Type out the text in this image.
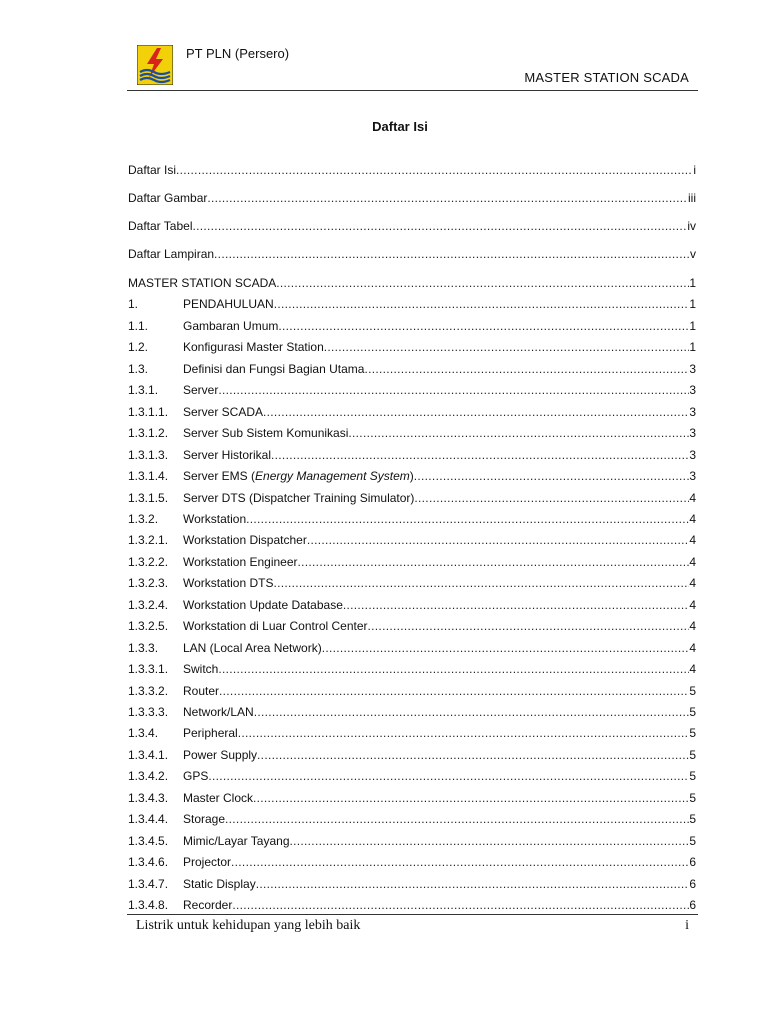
PT PLN (Persero)
MASTER STATION SCADA
Daftar Isi
Daftar Isi .....	i
Daftar Gambar .....	iii
Daftar Tabel .....	iv
Daftar Lampiran .....	v
MASTER STATION SCADA .....	1
1.	PENDAHULUAN .....	1
1.1.	Gambaran Umum .....	1
1.2.	Konfigurasi Master Station .....	1
1.3.	Definisi dan Fungsi Bagian Utama .....	3
1.3.1.	Server .....	3
1.3.1.1.	Server SCADA .....	3
1.3.1.2.	Server Sub Sistem Komunikasi .....	3
1.3.1.3.	Server Historikal .....	3
1.3.1.4.	Server EMS (Energy Management System) .....	3
1.3.1.5.	Server DTS (Dispatcher Training Simulator) .....	4
1.3.2.	Workstation .....	4
1.3.2.1.	Workstation Dispatcher .....	4
1.3.2.2.	Workstation Engineer .....	4
1.3.2.3.	Workstation DTS .....	4
1.3.2.4.	Workstation Update Database .....	4
1.3.2.5.	Workstation di Luar Control Center .....	4
1.3.3.	LAN (Local Area Network) .....	4
1.3.3.1.	Switch .....	4
1.3.3.2.	Router .....	5
1.3.3.3.	Network/LAN .....	5
1.3.4.	Peripheral .....	5
1.3.4.1.	Power Supply .....	5
1.3.4.2.	GPS .....	5
1.3.4.3.	Master Clock .....	5
1.3.4.4.	Storage .....	5
1.3.4.5.	Mimic/Layar Tayang .....	5
1.3.4.6.	Projector .....	6
1.3.4.7.	Static Display .....	6
1.3.4.8.	Recorder .....	6
Listrik untuk kehidupan yang lebih baik	i
